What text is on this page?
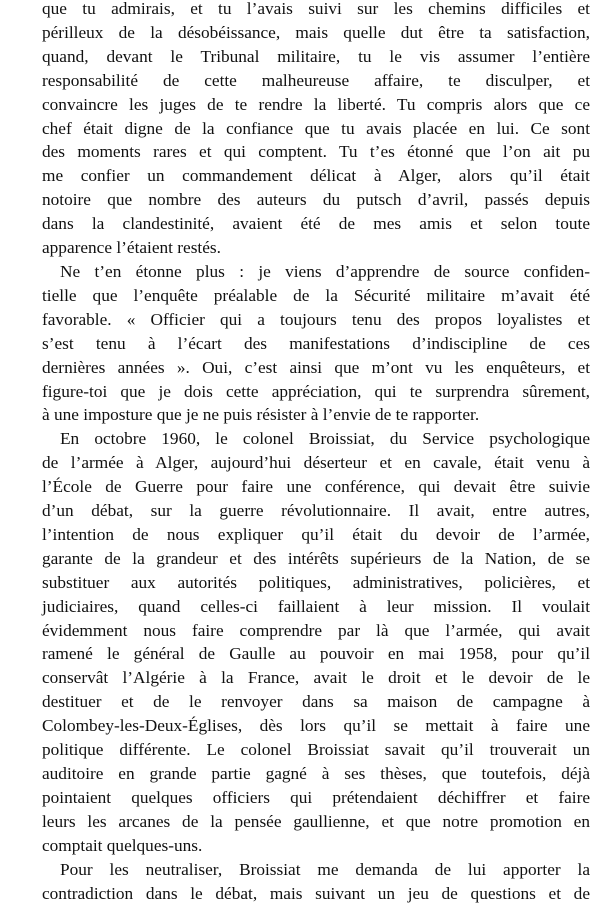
que tu admirais, et tu l’avais suivi sur les chemins difficiles et
périlleux de la désobéissance, mais quelle dut être ta satisfaction,
quand, devant le Tribunal militaire, tu le vis assumer l’entière
responsabilité de cette malheureuse affaire, te disculper, et
convaincre les juges de te rendre la liberté. Tu compris alors que ce
chef était digne de la confiance que tu avais placée en lui. Ce sont
des moments rares et qui comptent. Tu t’es étonné que l’on ait pu
me confier un commandement délicat à Alger, alors qu’il était
notoire que nombre des auteurs du putsch d’avril, passés depuis
dans la clandestinité, avaient été de mes amis et selon toute
apparence l’étaient restés.
Ne t’en étonne plus : je viens d’apprendre de source confiden-
tielle que l’enquête préalable de la Sécurité militaire m’avait été
favorable. « Officier qui a toujours tenu des propos loyalistes et
s’est tenu à l’écart des manifestations d’indiscipline de ces
dernières années ». Oui, c’est ainsi que m’ont vu les enquêteurs, et
figure-toi que je dois cette appréciation, qui te surprendra sûrement,
à une imposture que je ne puis résister à l’envie de te rapporter.
En octobre 1960, le colonel Broissiat, du Service psychologique
de l’armée à Alger, aujourd’hui déserteur et en cavale, était venu à
l’École de Guerre pour faire une conférence, qui devait être suivie
d’un débat, sur la guerre révolutionnaire. Il avait, entre autres,
l’intention de nous expliquer qu’il était du devoir de l’armée,
garante de la grandeur et des intérêts supérieurs de la Nation, de se
substituer aux autorités politiques, administratives, policières, et
judiciaires, quand celles-ci faillaient à leur mission. Il voulait
évidemment nous faire comprendre par là que l’armée, qui avait
ramené le général de Gaulle au pouvoir en mai 1958, pour qu’il
conservât l’Algérie à la France, avait le droit et le devoir de le
destituer et de le renvoyer dans sa maison de campagne à
Colombey-les-Deux-Églises, dès lors qu’il se mettait à faire une
politique différente. Le colonel Broissiat savait qu’il trouverait un
auditoire en grande partie gagné à ses thèses, que toutefois, déjà
pointaient quelques officiers qui prétendaient déchiffrer et faire
leurs les arcanes de la pensée gaullienne, et que notre promotion en
comptait quelques-uns.
Pour les neutraliser, Broissiat me demanda de lui apporter la
contradiction dans le débat, mais suivant un jeu de questions et de
